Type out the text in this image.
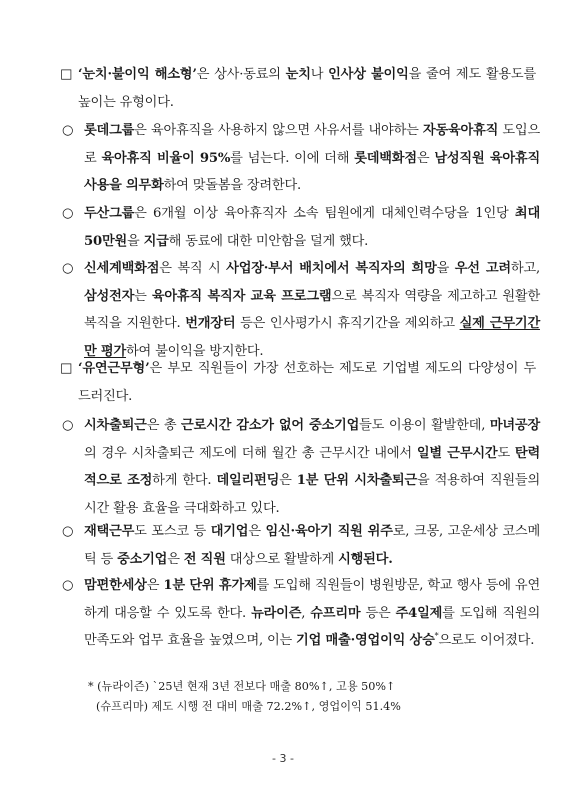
□ ‘눈치·불이익 해소형’은 상사·동료의 눈치나 인사상 불이익을 줄여 제도 활용도를 높이는 유형이다.

○ 롯데그룹은 육아휴직을 사용하지 않으면 사유서를 내야하는 자동육아휴직 도입으로 육아휴직 비율이 95%를 넘는다. 이에 더해 롯데백화점은 남성직원 육아휴직 사용을 의무화하여 맞돌봄을 장려한다.

○ 두산그룹은 6개월 이상 육아휴직자 소속 팀원에게 대체인력수당을 1인당 최대 50만원을 지급해 동료에 대한 미안함을 덜게 했다.

○ 신세계백화점은 복직 시 사업장·부서 배치에서 복직자의 희망을 우선 고려하고, 삼성전자는 육아휴직 복직자 교육 프로그램으로 복직자 역량을 제고하고 원활한 복직을 지원한다. 번개장터 등은 인사평가시 휴직기간을 제외하고 실제 근무기간만 평가하여 불이익을 방지한다.

□ ‘유연근무형’은 부모 직원들이 가장 선호하는 제도로 기업별 제도의 다양성이 두드러진다.

○ 시차출퇴근은 총 근로시간 감소가 없어 중소기업들도 이용이 활발한데, 마녀공장의 경우 시차출퇴근 제도에 더해 월간 총 근무시간 내에서 일별 근무시간도 탄력적으로 조정하게 한다. 데일리펀딩은 1분 단위 시차출퇴근을 적용하여 직원들의 시간 활용 효율을 극대화하고 있다.

○ 재택근무도 포스코 등 대기업은 임신·육아기 직원 위주로, 크몽, 고운세상 코스메틱 등 중소기업은 전 직원 대상으로 활발하게 시행된다.

○ 맘편한세상은 1분 단위 휴가제를 도입해 직원들이 병원방문, 학교 행사 등에 유연하게 대응할 수 있도록 한다. 뉴라이즌, 슈프리마 등은 주4일제를 도입해 직원의 만족도와 업무 효율을 높였으며, 이는 기업 매출·영업이익 상승*으로도 이어졌다.

* (뉴라이즌) `25년 현재 3년 전보다 매출 80%↑, 고용 50%↑

(슈프리마) 제도 시행 전 대비 매출 72.2%↑, 영업이익 51.4%

- 3 -
